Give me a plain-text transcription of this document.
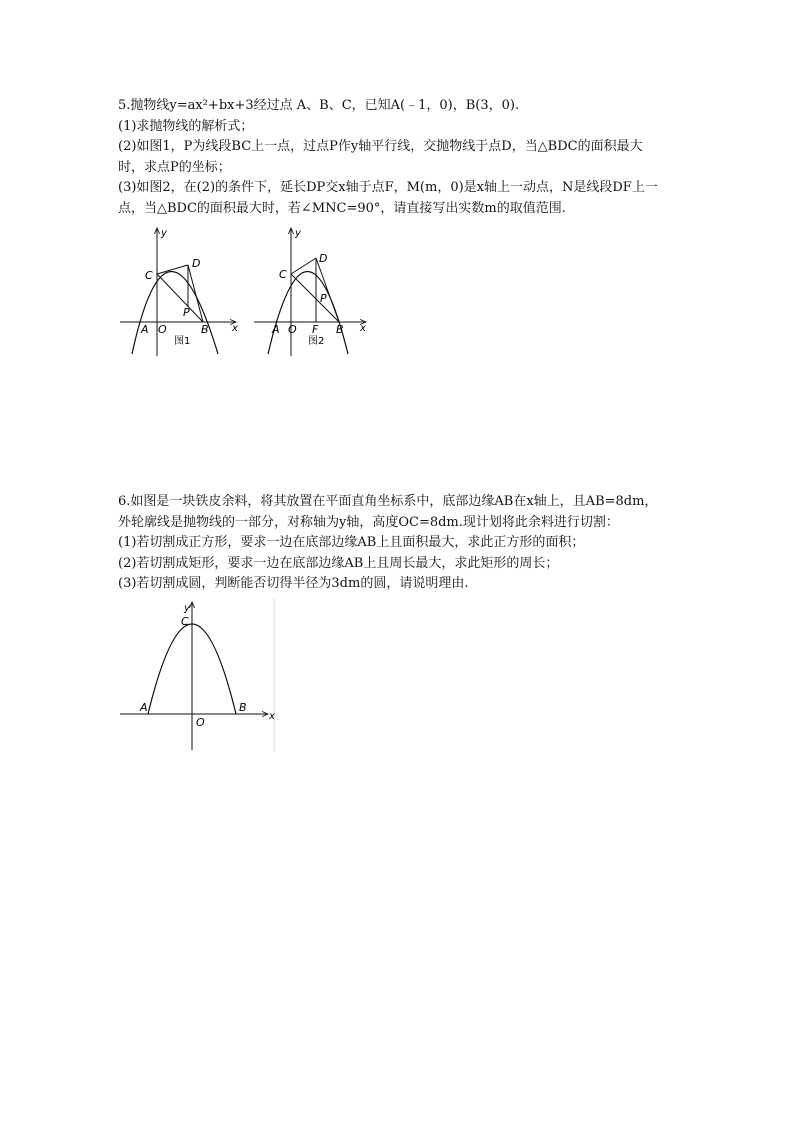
5.抛物线y=ax²+bx+3经过点 A、B、C，已知A(﹣1，0)，B(3，0).

(1)求抛物线的解析式；

(2)如图1，P为线段BC上一点，过点P作y轴平行线，交抛物线于点D，当△BDC的面积最大

时，求点P的坐标；

(3)如图2，在(2)的条件下，延长DP交x轴于点F，M(m，0)是x轴上一动点，N是线段DF上一

点，当△BDC的面积最大时，若∠MNC=90°，请直接写出实数m的取值范围.

y
x
C
D
P
A O	B
图1
y
x
C
D
P
A O F B
图2

6.如图是一块铁皮余料，将其放置在平面直角坐标系中，底部边缘AB在x轴上，且AB=8dm，

外轮廓线是抛物线的一部分，对称轴为y轴，高度OC=8dm.现计划将此余料进行切割：

(1)若切割成正方形，要求一边在底部边缘AB上且面积最大，求此正方形的面积；

(2)若切割成矩形，要求一边在底部边缘AB上且周长最大，求此矩形的周长；

(3)若切割成圆，判断能否切得半径为3dm的圆，请说明理由.

y
x
C
A	B
O
